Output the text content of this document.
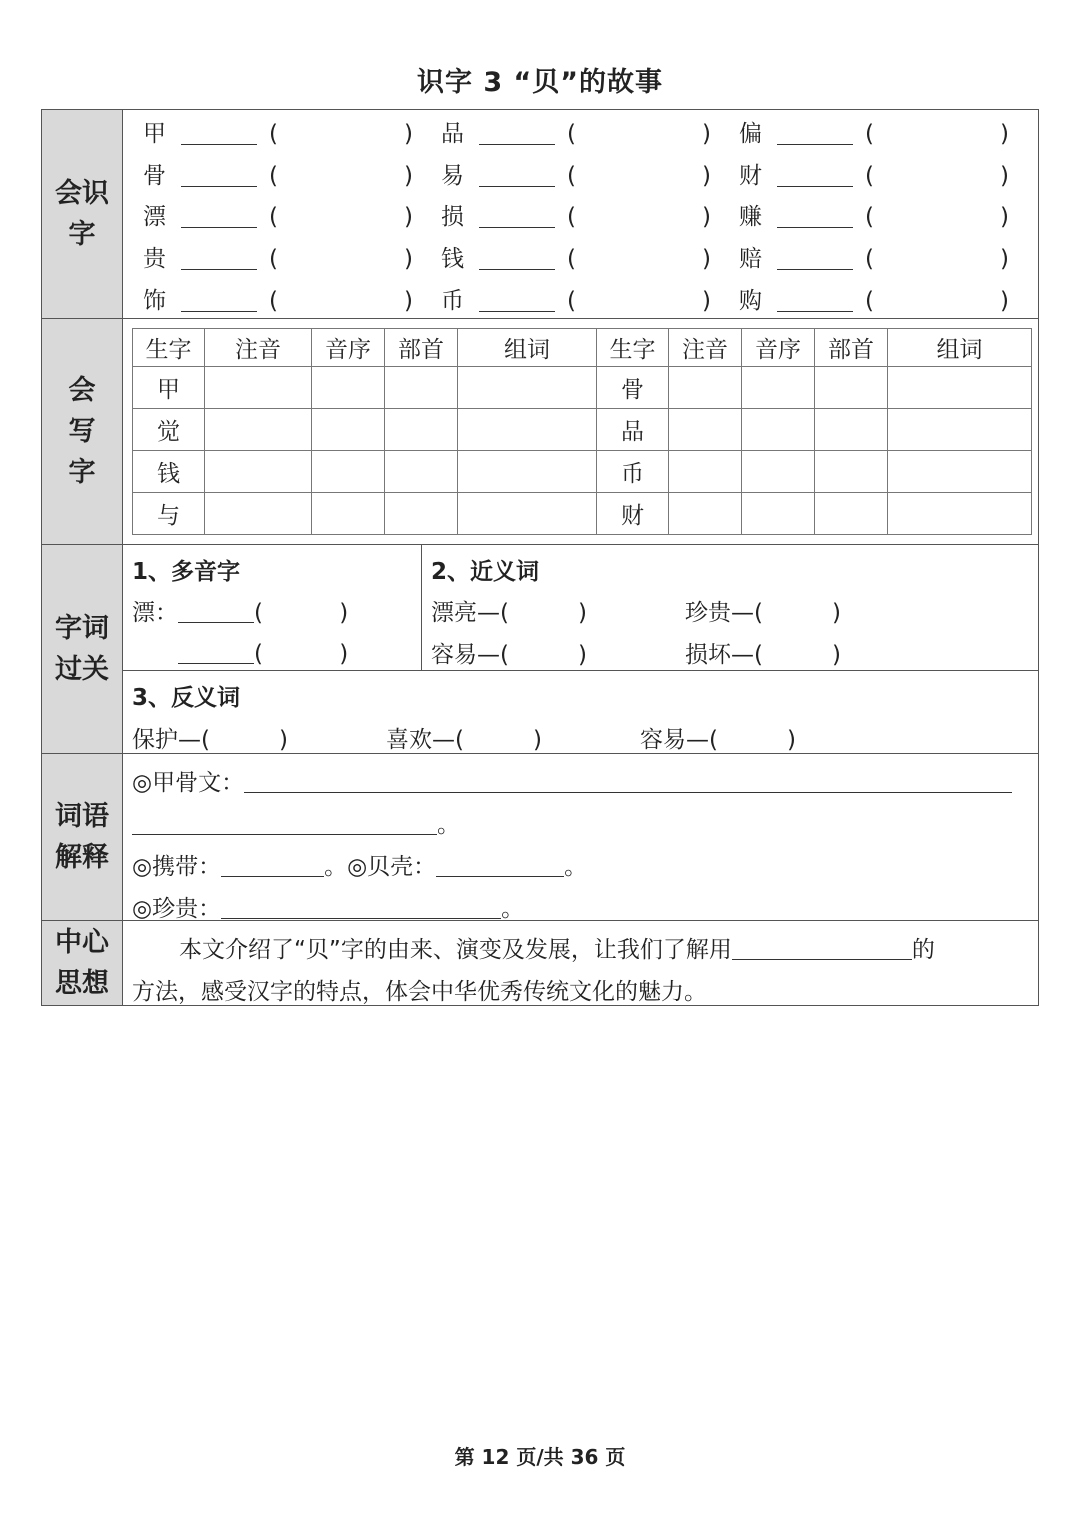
识字 3 “贝”的故事
会识
字

甲	(	) 品	(	) 偏	(	)
骨	(	) 易	(	) 财	(	)
漂	(	) 损	(	) 赚	(	)
贵	(	) 钱	(	) 赔	(	)
饰	(	) 币	(	) 购	(	)

会
写
字

生字	注音	音序	部首	组词	生字	注音	音序	部首	组词
甲					骨				
觉					品				
钱					币				
与					财				

字词
过关

1、多音字
漂：	(　　　	)
(　　　	)
2、近义词
漂亮—(　　　)	珍贵—(　　　)
容易—(　　　)	损坏—(　　　)
3、反义词
保护—(　　　)	喜欢—(　　　)	容易—(　　　)

词语
解释

◎甲骨文：
。
◎携带：	。◎贝壳：	。
◎珍贵：	。

中心
思想

本文介绍了“贝”字的由来、演变及发展，让我们了解用	的
方法，感受汉字的特点，体会中华优秀传统文化的魅力。
第 12 页/共 36 页
